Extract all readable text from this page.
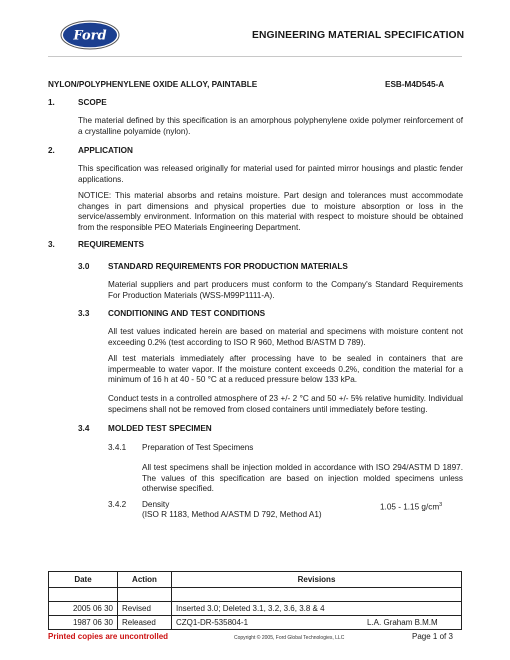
Ford	ENGINEERING MATERIAL SPECIFICATION
NYLON/POLYPHENYLENE OXIDE ALLOY, PAINTABLE	ESB-M4D545-A
1.	SCOPE
The material defined by this specification is an amorphous polyphenylene oxide polymer reinforcement of a crystalline polyamide (nylon).
2.	APPLICATION
This specification was released originally for material used for painted mirror housings and plastic fender applications.
NOTICE: This material absorbs and retains moisture. Part design and tolerances must accommodate changes in part dimensions and physical properties due to moisture absorption or loss in the service/assembly environment. Information on this material with respect to moisture should be obtained from the responsible PEO Materials Engineering Department.
3.	REQUIREMENTS
3.0 STANDARD REQUIREMENTS FOR PRODUCTION MATERIALS
Material suppliers and part producers must conform to the Company's Standard Requirements For Production Materials (WSS-M99P1111-A).
3.3 CONDITIONING AND TEST CONDITIONS
All test values indicated herein are based on material and specimens with moisture content not exceeding 0.2% (test according to ISO R 960, Method B/ASTM D 789).
All test materials immediately after processing have to be sealed in containers that are impermeable to water vapor. If the moisture content exceeds 0.2%, condition the material for a minimum of 16 h at 40 - 50 °C at a reduced pressure below 133 kPa.
Conduct tests in a controlled atmosphere of 23 +/- 2 °C and 50 +/- 5% relative humidity. Individual specimens shall not be removed from closed containers until immediately before testing.
3.4 MOLDED TEST SPECIMEN
3.4.1 Preparation of Test Specimens
All test specimens shall be injection molded in accordance with ISO 294/ASTM D 1897. The values of this specification are based on injection molded specimens unless otherwise specified.
3.4.2 Density	1.05 - 1.15 $g/cm^3$
(ISO R 1183, Method A/ASTM D 792, Method A1)
Date	Action	Revisions	

2005 06 30	Revised	Inserted 3.0; Deleted 3.1, 3.2, 3.6, 3.8 & 4	
1987 06 30	Released	CZQ1-DR-535804-1	L.A. Graham B.M.M
Printed copies are uncontrolled	Copyright © 2005, Ford Global Technologies, LLC	Page 1 of 3
